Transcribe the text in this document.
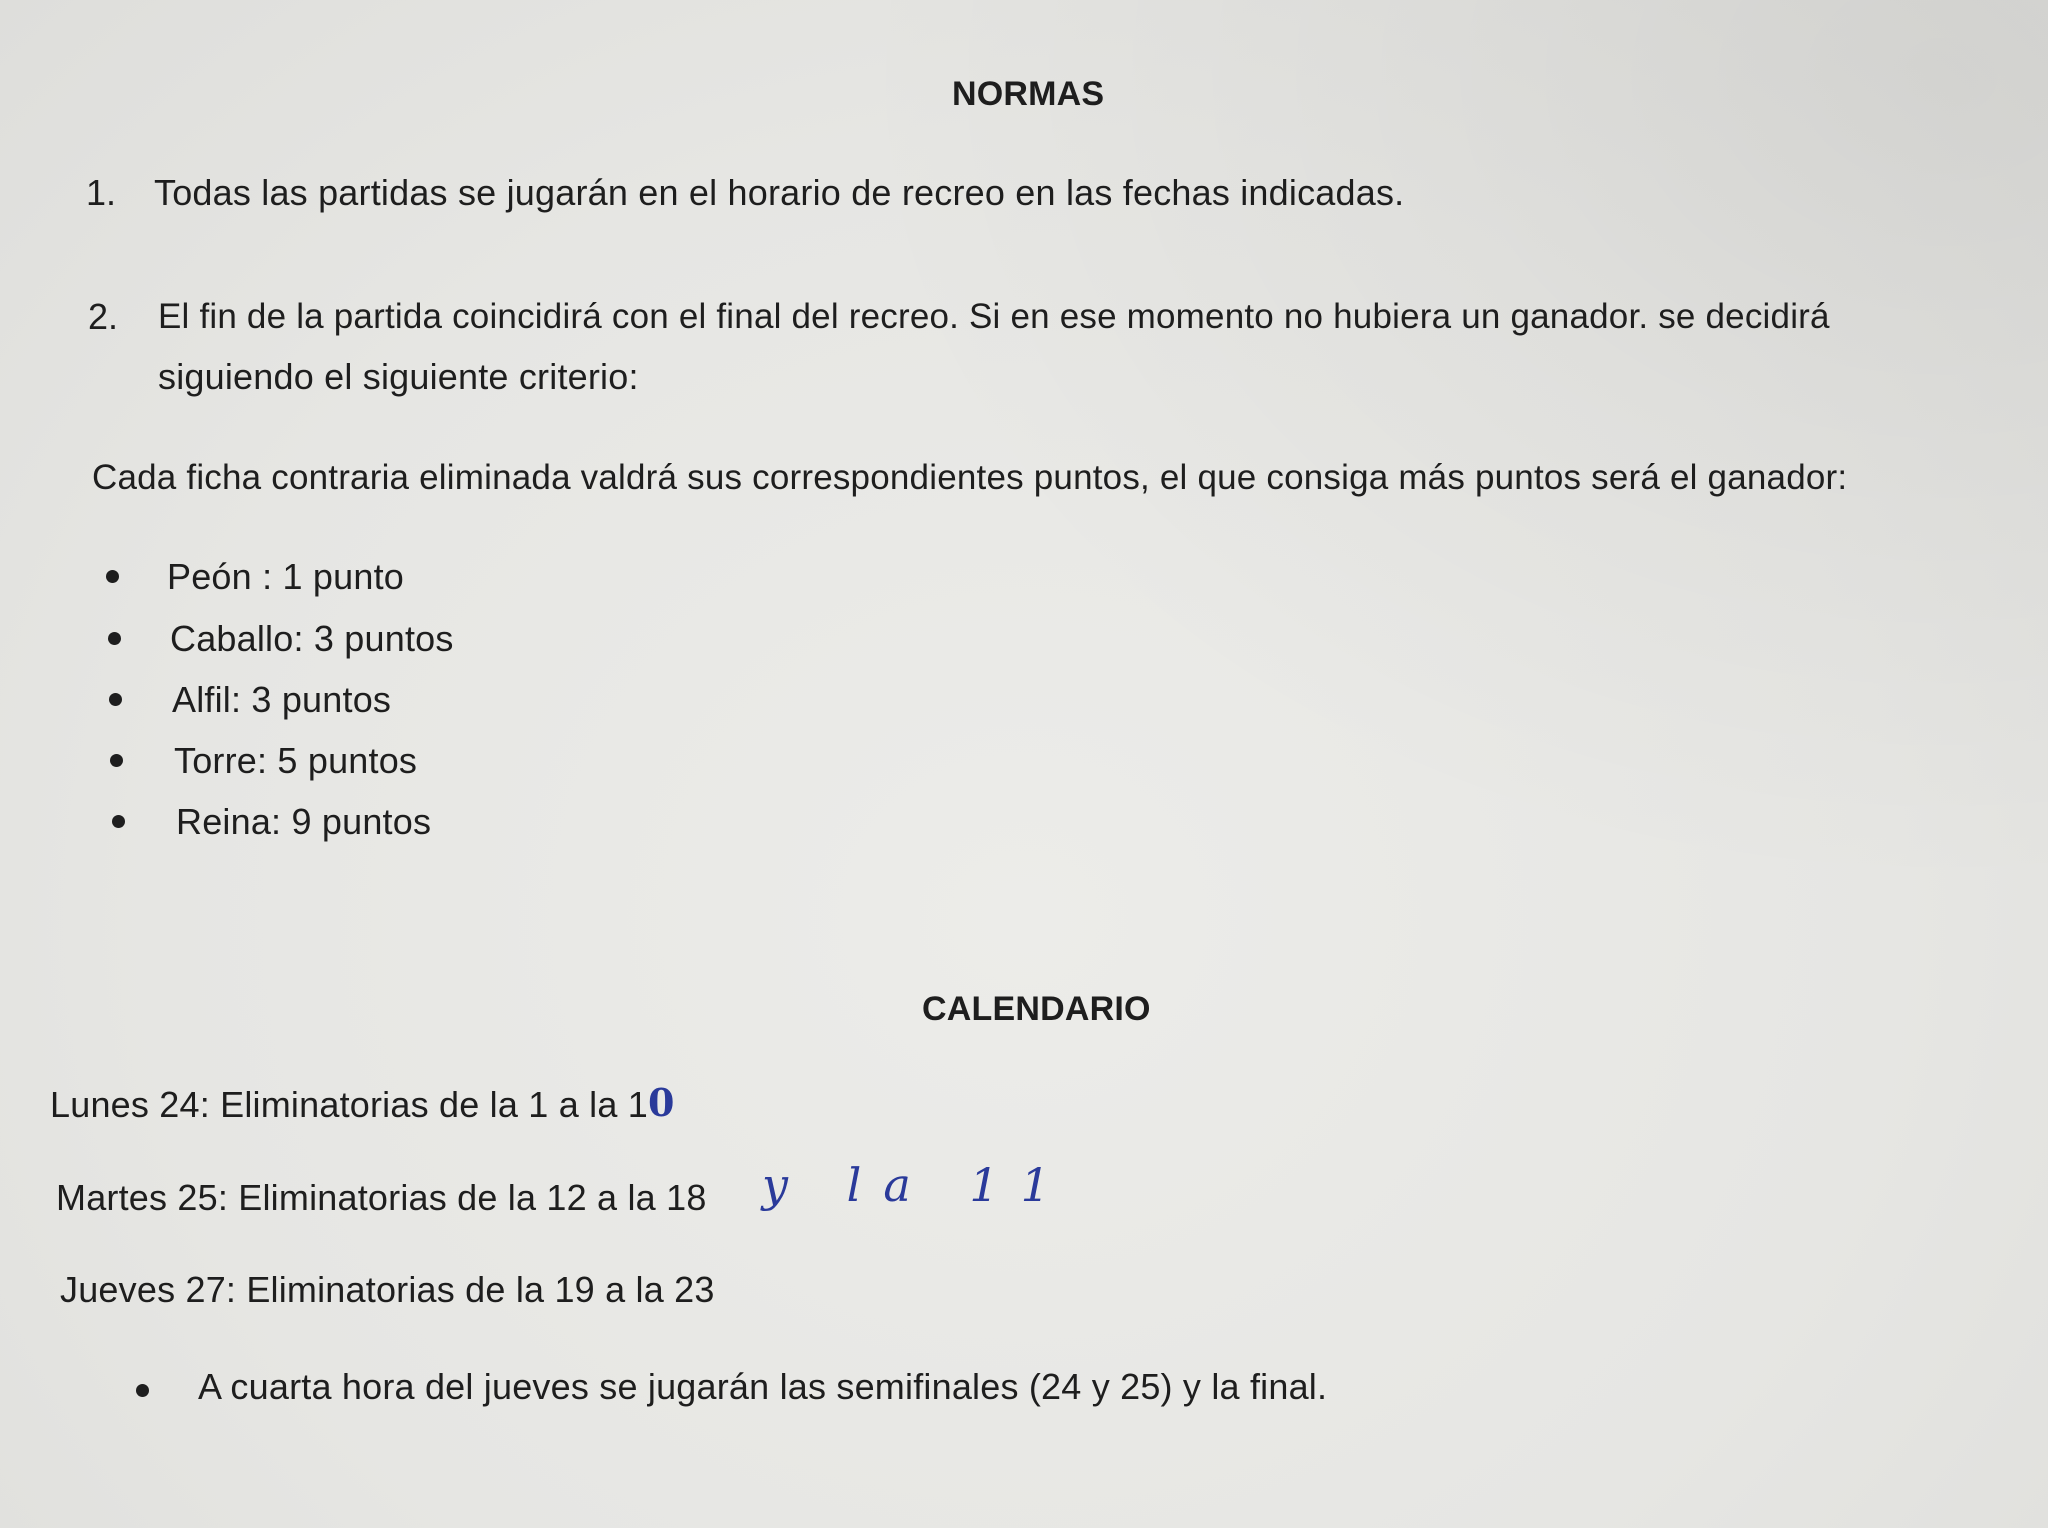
NORMAS
1. Todas las partidas se jugarán en el horario de recreo en las fechas indicadas.
2. El fin de la partida coincidirá con el final del recreo. Si en ese momento no hubiera un ganador. se decidirá
siguiendo el siguiente criterio:
Cada ficha contraria eliminada valdrá sus correspondientes puntos, el que consiga más puntos será el ganador:
Peón : 1 punto
Caballo: 3 puntos
Alfil: 3 puntos
Torre: 5 puntos
Reina: 9 puntos
CALENDARIO
Lunes 24: Eliminatorias de la 1 a la 1 0
Martes 25: Eliminatorias de la 12 a la 18 y la 11
Jueves 27: Eliminatorias de la 19 a la 23
A cuarta hora del jueves se jugarán las semifinales (24 y 25) y la final.
